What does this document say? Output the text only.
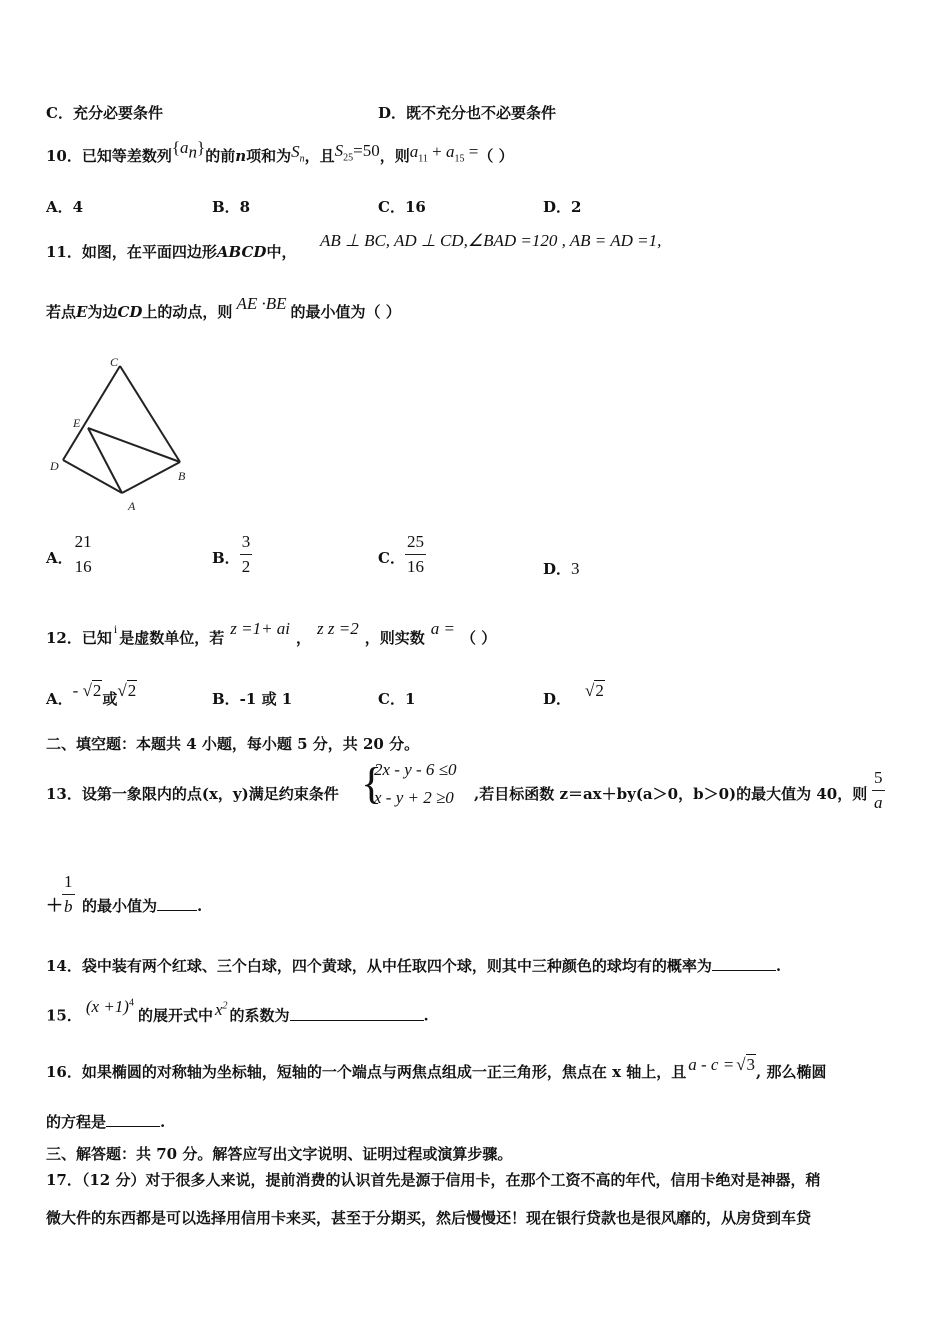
C．充分必要条件	D．既不充分也不必要条件
10．已知等差数列$\{a_n\}$的前n项和为$S_n$，且$S_{25}=50$，则$a_{11} + a_{15}$ =（ ）
A．4	B．8	C．16	D．2
11．如图，在平面四边形ABCD中，
AB ⊥ BC, AD ⊥ CD,∠BAD =120 , AB = AD =1,
若点E为边CD上的动点，则 AE ·BE 的最小值为（ ）
C
E
D
B
A
A． $\frac{21}{16}$	B． $\frac{3}{2}$	C． $\frac{25}{16}$	D．3
12．已知 $^i$ 是虚数单位，若 z =1+ ai ， z z =2 ，则实数 a = （ ）
A．- √2或√2	B．-1 或 1	C．1	D． √2
二、填空题：本题共 4 小题，每小题 5 分，共 20 分。
13．设第一象限内的点(x，y)满足约束条件 {
2x - y - 6 ≤0
x - y + 2 ≥0 ,若目标函数 z＝ax＋by(a＞0，b＞0)的最大值为 40，则 $\frac{5}{a}$
＋ $\frac{1}{b}$ 的最小值为	.
14．袋中装有两个红球、三个白球，四个黄球，从中任取四个球，则其中三种颜色的球均有的概率为	.
15． $(x +1)^4$的展开式中 $x^2$的系数为	.
16．如果椭圆的对称轴为坐标轴，短轴的一个端点与两焦点组成一正三角形，焦点在 x 轴上，且 a - c = √3, 那么椭圆
的方程是	.
三、解答题：共 70 分。解答应写出文字说明、证明过程或演算步骤。
17．（12 分）对于很多人来说，提前消费的认识首先是源于信用卡，在那个工资不高的年代，信用卡绝对是神器，稍
微大件的东西都是可以选择用信用卡来买，甚至于分期买，然后慢慢还！现在银行贷款也是很风靡的，从房贷到车贷
